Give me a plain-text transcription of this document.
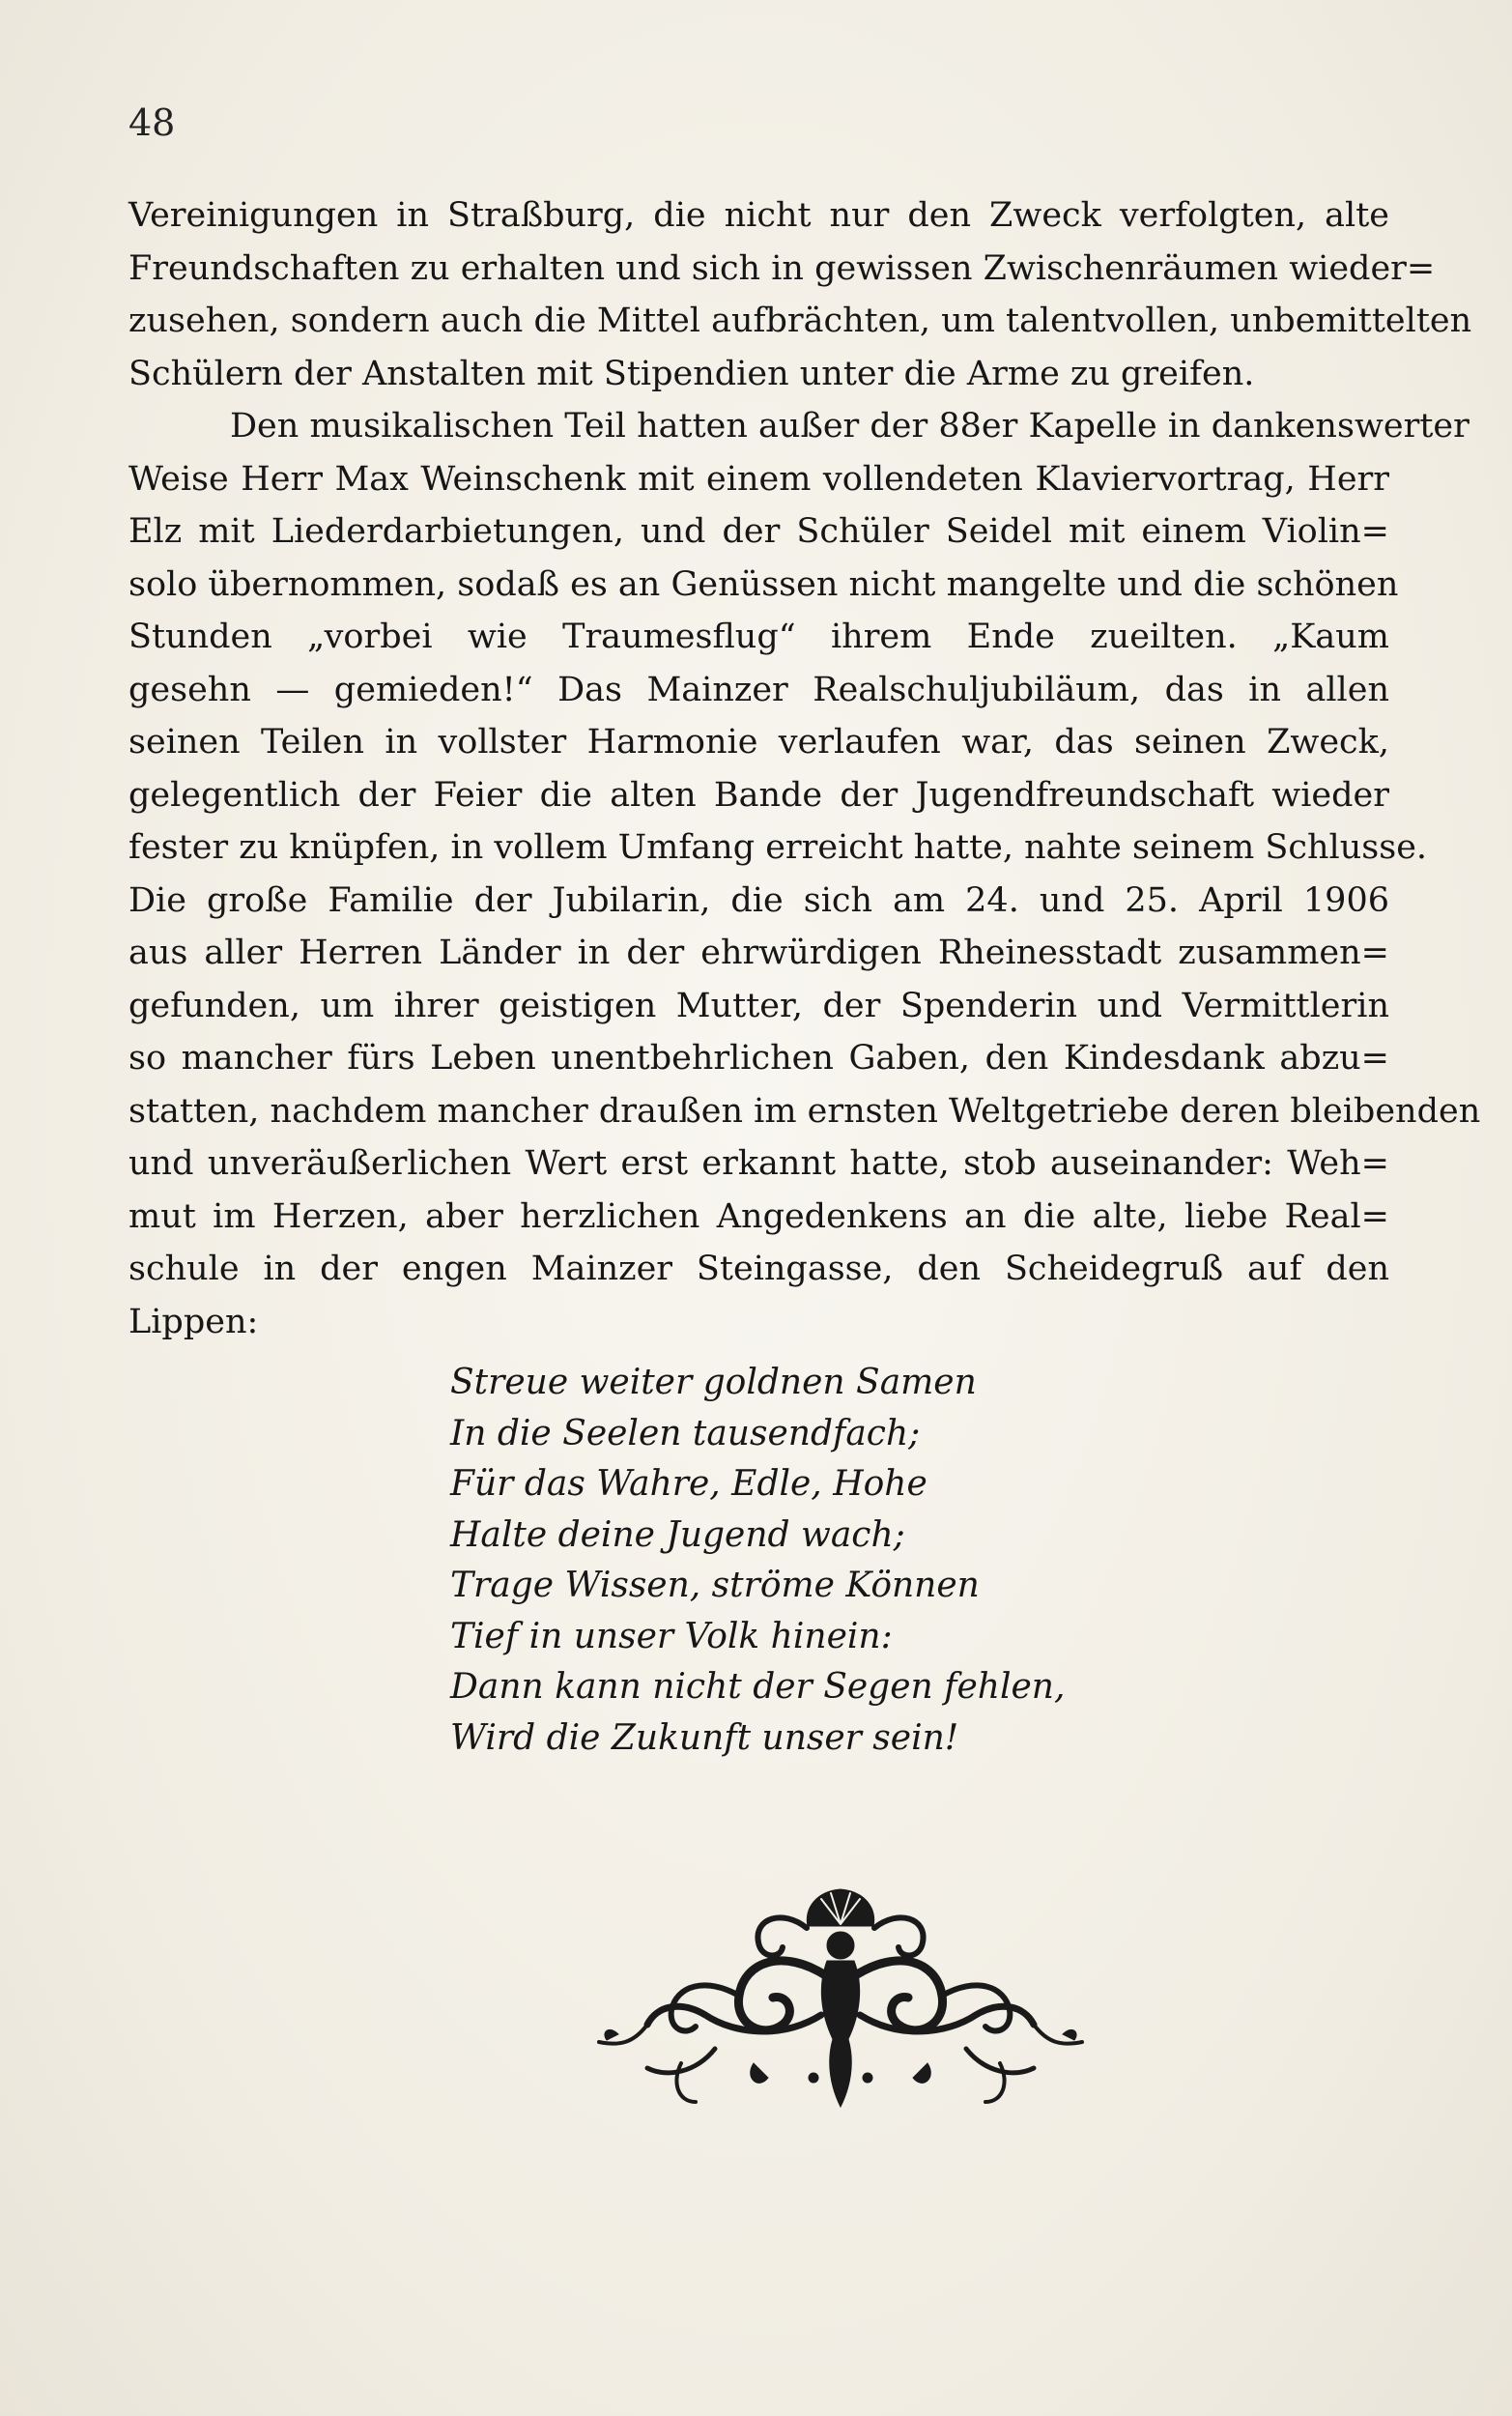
48
Vereinigungen in Straßburg, die nicht nur den Zweck verfolgten, alte
Freundschaften zu erhalten und sich in gewissen Zwischenräumen wieder=
zusehen, sondern auch die Mittel aufbrächten, um talentvollen, unbemittelten
Schülern der Anstalten mit Stipendien unter die Arme zu greifen.
Den musikalischen Teil hatten außer der 88er Kapelle in dankenswerter
Weise Herr Max Weinschenk mit einem vollendeten Klaviervortrag, Herr
Elz mit Liederdarbietungen, und der Schüler Seidel mit einem Violin=
solo übernommen, sodaß es an Genüssen nicht mangelte und die schönen
Stunden „vorbei wie Traumesflug“ ihrem Ende zueilten. „Kaum
gesehn — gemieden!“ Das Mainzer Realschuljubiläum, das in allen
seinen Teilen in vollster Harmonie verlaufen war, das seinen Zweck,
gelegentlich der Feier die alten Bande der Jugendfreundschaft wieder
fester zu knüpfen, in vollem Umfang erreicht hatte, nahte seinem Schlusse.
Die große Familie der Jubilarin, die sich am 24. und 25. April 1906
aus aller Herren Länder in der ehrwürdigen Rheinesstadt zusammen=
gefunden, um ihrer geistigen Mutter, der Spenderin und Vermittlerin
so mancher fürs Leben unentbehrlichen Gaben, den Kindesdank abzu=
statten, nachdem mancher draußen im ernsten Weltgetriebe deren bleibenden
und unveräußerlichen Wert erst erkannt hatte, stob auseinander: Weh=
mut im Herzen, aber herzlichen Angedenkens an die alte, liebe Real=
schule in der engen Mainzer Steingasse, den Scheidegruß auf den
Lippen:
Streue weiter goldnen Samen
In die Seelen tausendfach;
Für das Wahre, Edle, Hohe
Halte deine Jugend wach;
Trage Wissen, ströme Können
Tief in unser Volk hinein:
Dann kann nicht der Segen fehlen,
Wird die Zukunft unser sein!
